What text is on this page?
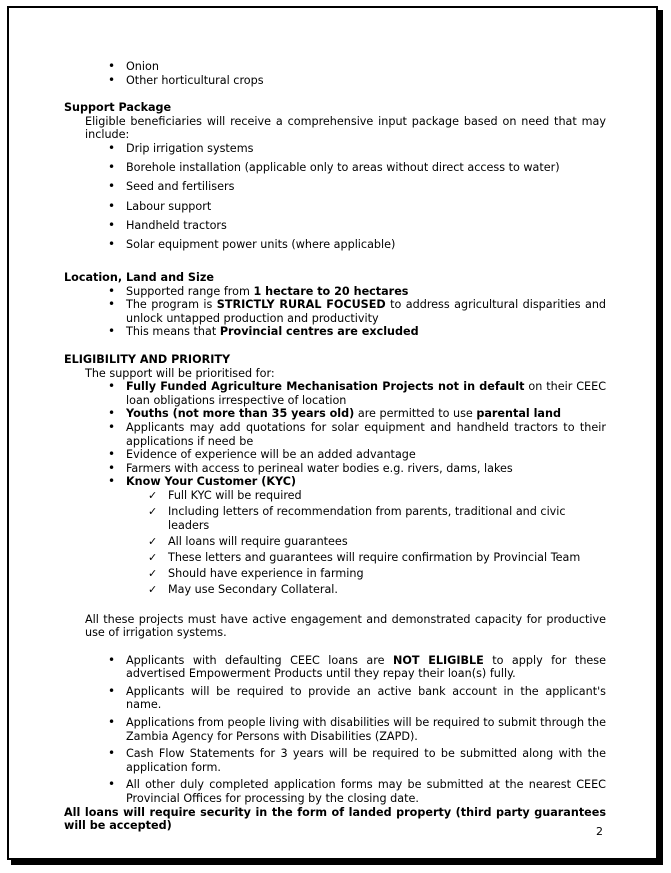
• Onion
• Other horticultural crops
Support Package
Eligible beneficiaries will receive a comprehensive input package based on need that may include:
• Drip irrigation systems
• Borehole installation (applicable only to areas without direct access to water)
• Seed and fertilisers
• Labour support
• Handheld tractors
• Solar equipment power units (where applicable)
Location, Land and Size
• Supported range from 1 hectare to 20 hectares
• The program is STRICTLY RURAL FOCUSED to address agricultural disparities and unlock untapped production and productivity
• This means that Provincial centres are excluded
ELIGIBILITY AND PRIORITY
The support will be prioritised for:
• Fully Funded Agriculture Mechanisation Projects not in default on their CEEC loan obligations irrespective of location
• Youths (not more than 35 years old) are permitted to use parental land
• Applicants may add quotations for solar equipment and handheld tractors to their applications if need be
• Evidence of experience will be an added advantage
• Farmers with access to perineal water bodies e.g. rivers, dams, lakes
• Know Your Customer (KYC)
✓ Full KYC will be required
✓ Including letters of recommendation from parents, traditional and civic leaders
✓ All loans will require guarantees
✓ These letters and guarantees will require confirmation by Provincial Team
✓ Should have experience in farming
✓ May use Secondary Collateral.
All these projects must have active engagement and demonstrated capacity for productive use of irrigation systems.
• Applicants with defaulting CEEC loans are NOT ELIGIBLE to apply for these advertised Empowerment Products until they repay their loan(s) fully.
• Applicants will be required to provide an active bank account in the applicant's name.
• Applications from people living with disabilities will be required to submit through the Zambia Agency for Persons with Disabilities (ZAPD).
• Cash Flow Statements for 3 years will be required to be submitted along with the application form.
• All other duly completed application forms may be submitted at the nearest CEEC Provincial Offices for processing by the closing date.
All loans will require security in the form of landed property (third party guarantees will be accepted)	2
